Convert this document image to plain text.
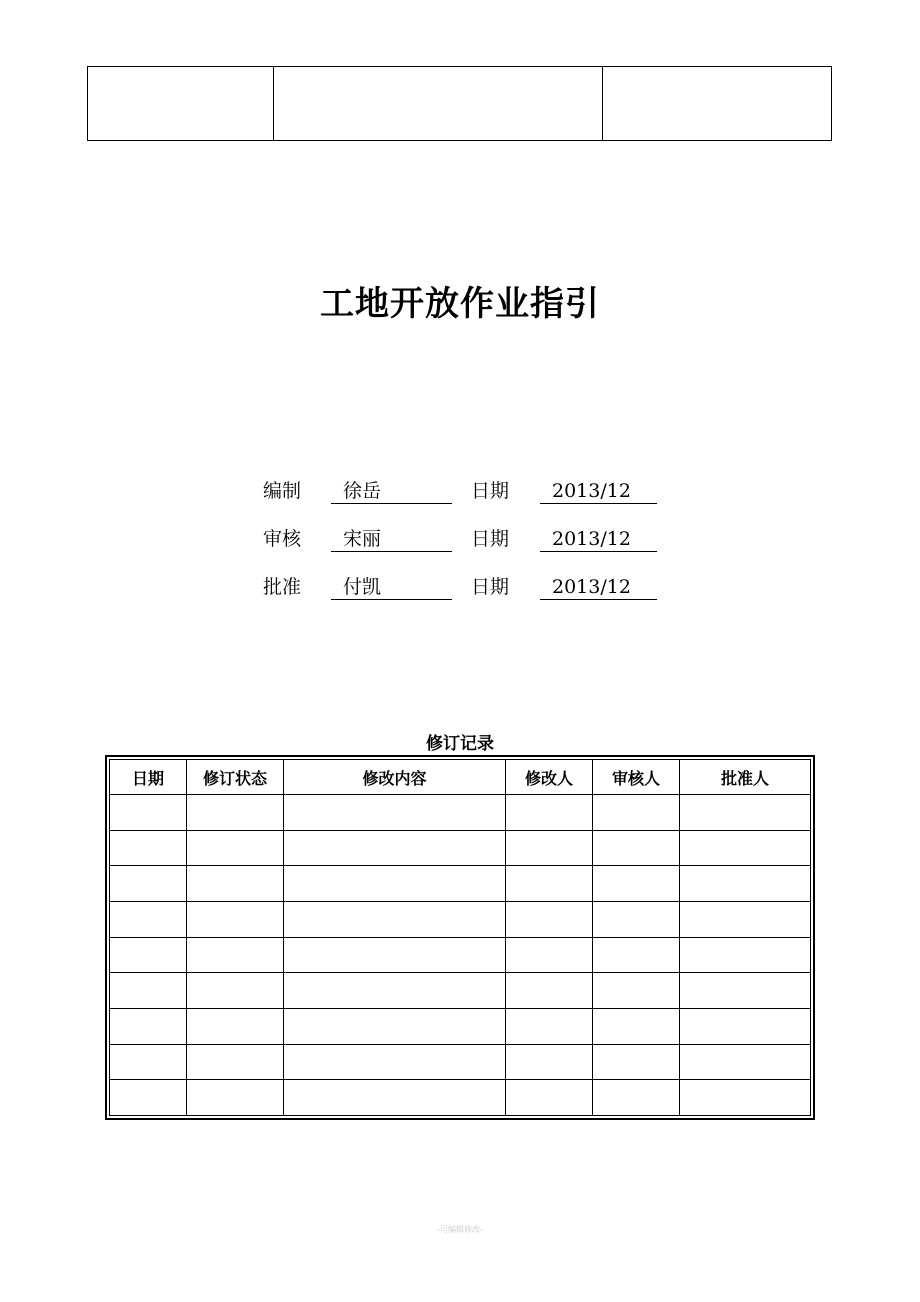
工地开放作业指引
编制	徐岳	日期	2013/12
审核	宋丽	日期	2013/12
批准	付凯	日期	2013/12
修订记录
日期	修订状态	修改内容	修改人	审核人	批准人

-可编辑修改-
